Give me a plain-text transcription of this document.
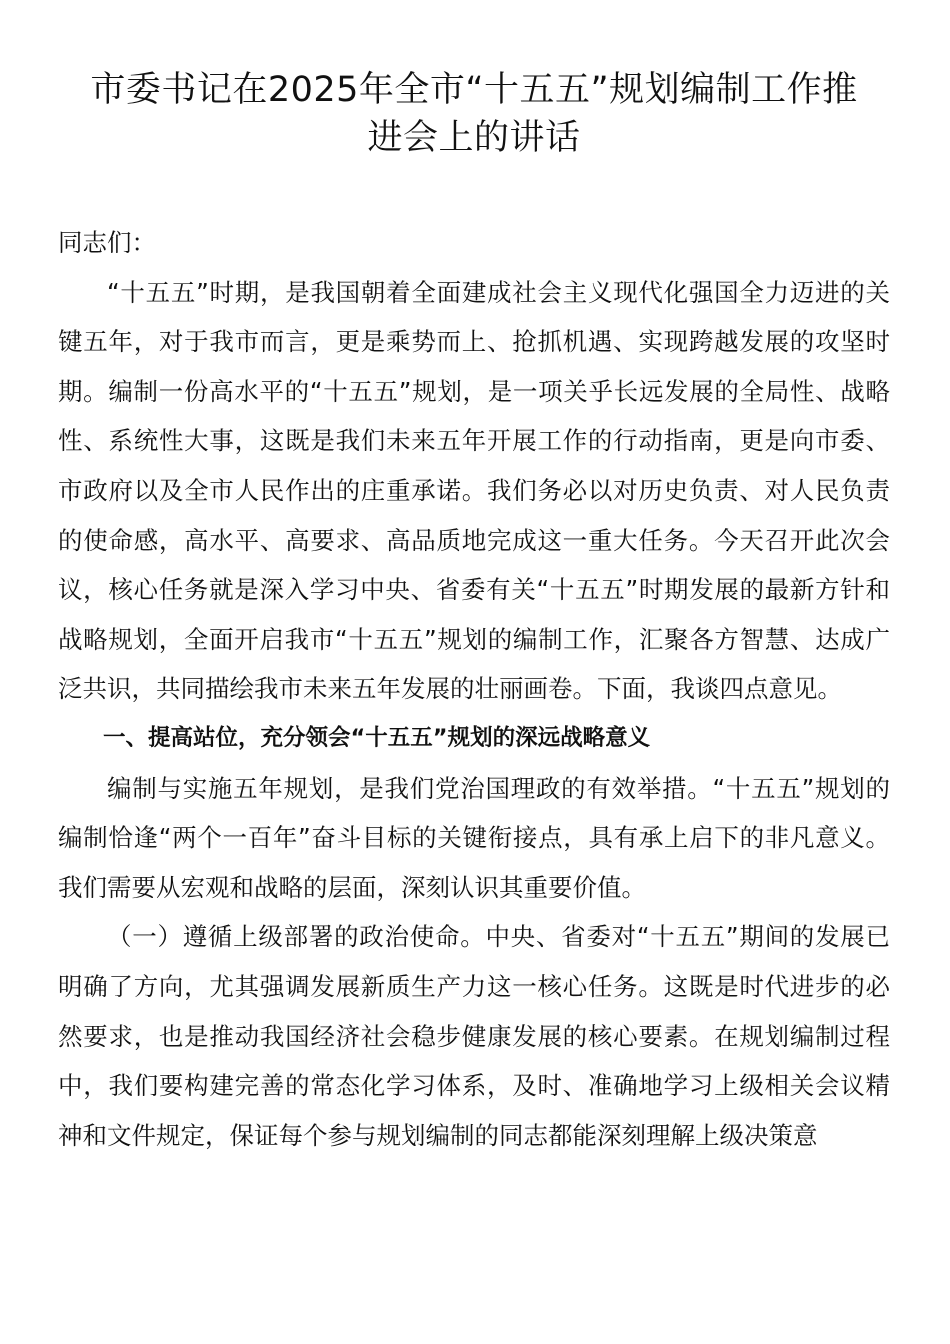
市委书记在2025年全市“十五五”规划编制工作推
进会上的讲话

同志们：

“十五五”时期，是我国朝着全面建成社会主义现代化强国全力迈进的关键五年，对于我市而言，更是乘势而上、抢抓机遇、实现跨越发展的攻坚时期。编制一份高水平的“十五五”规划，是一项关乎长远发展的全局性、战略性、系统性大事，这既是我们未来五年开展工作的行动指南，更是向市委、市政府以及全市人民作出的庄重承诺。我们务必以对历史负责、对人民负责的使命感，高水平、高要求、高品质地完成这一重大任务。今天召开此次会议，核心任务就是深入学习中央、省委有关“十五五”时期发展的最新方针和战略规划，全面开启我市“十五五”规划的编制工作，汇聚各方智慧、达成广泛共识，共同描绘我市未来五年发展的壮丽画卷。下面，我谈四点意见。

一、提高站位，充分领会“十五五”规划的深远战略意义

编制与实施五年规划，是我们党治国理政的有效举措。“十五五”规划的编制恰逢“两个一百年”奋斗目标的关键衔接点，具有承上启下的非凡意义。我们需要从宏观和战略的层面，深刻认识其重要价值。

（一）遵循上级部署的政治使命。中央、省委对“十五五”期间的发展已明确了方向，尤其强调发展新质生产力这一核心任务。这既是时代进步的必然要求，也是推动我国经济社会稳步健康发展的核心要素。在规划编制过程中，我们要构建完善的常态化学习体系，及时、准确地学习上级相关会议精神和文件规定，保证每个参与规划编制的同志都能深刻理解上级决策意
